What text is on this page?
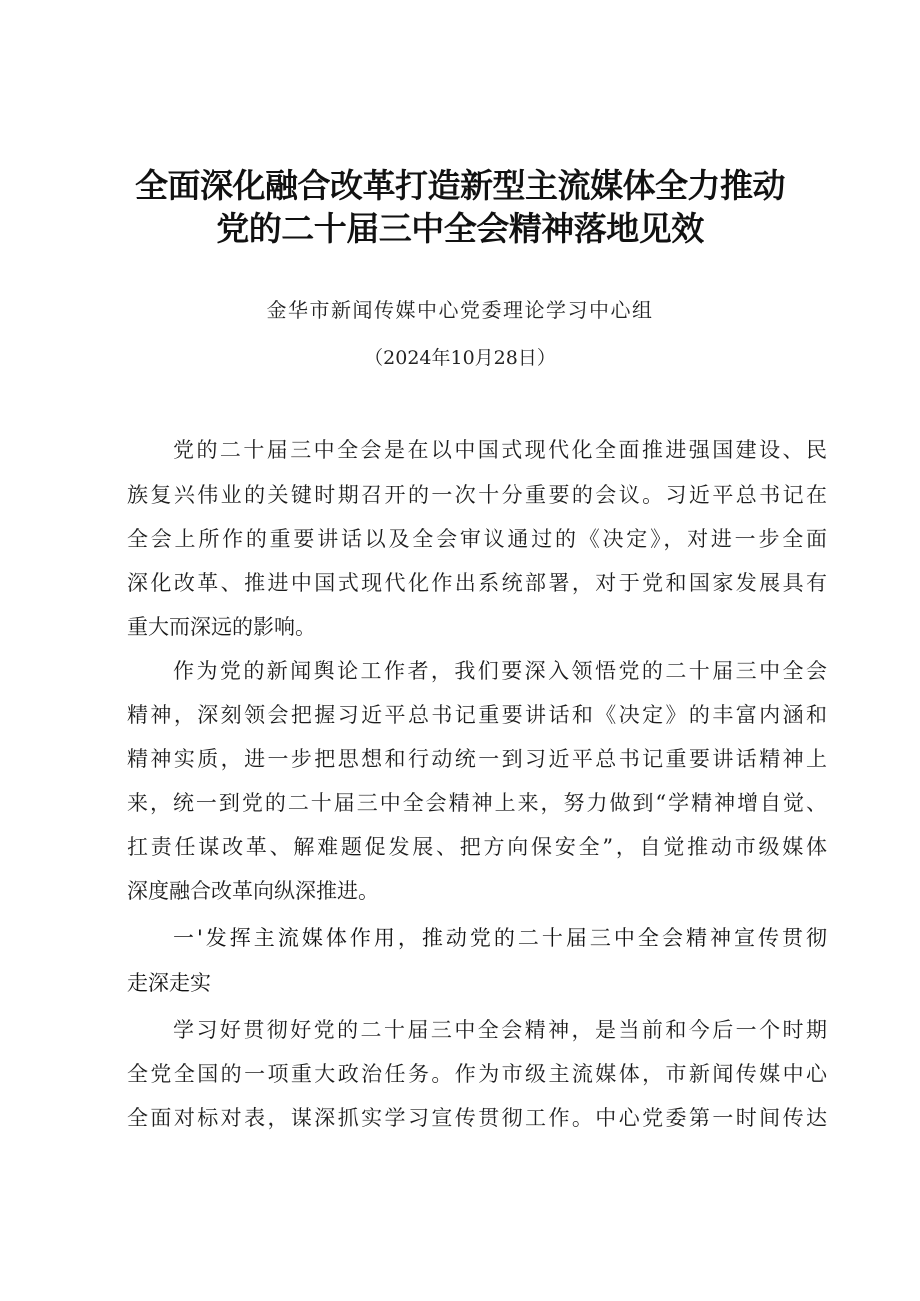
全面深化融合改革打造新型主流媒体全力推动
党的二十届三中全会精神落地见效
金华市新闻传媒中心党委理论学习中心组
（2024年10月28日）
党的二十届三中全会是在以中国式现代化全面推进强国建设、民
族复兴伟业的关键时期召开的一次十分重要的会议。习近平总书记在
全会上所作的重要讲话以及全会审议通过的《决定》，对进一步全面
深化改革、推进中国式现代化作出系统部署，对于党和国家发展具有
重大而深远的影响。
作为党的新闻舆论工作者，我们要深入领悟党的二十届三中全会
精神，深刻领会把握习近平总书记重要讲话和《决定》的丰富内涵和
精神实质，进一步把思想和行动统一到习近平总书记重要讲话精神上
来，统一到党的二十届三中全会精神上来，努力做到“学精神增自觉、
扛责任谋改革、解难题促发展、把方向保安全”，自觉推动市级媒体
深度融合改革向纵深推进。
一'发挥主流媒体作用，推动党的二十届三中全会精神宣传贯彻
走深走实
学习好贯彻好党的二十届三中全会精神，是当前和今后一个时期
全党全国的一项重大政治任务。作为市级主流媒体，市新闻传媒中心
全面对标对表，谋深抓实学习宣传贯彻工作。中心党委第一时间传达
